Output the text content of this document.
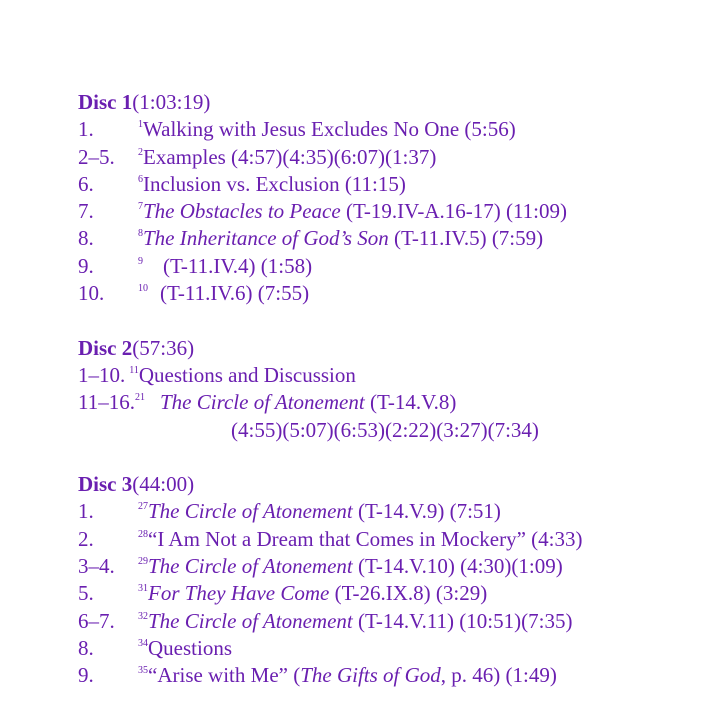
Disc 1(1:03:19)
1.	1Walking with Jesus Excludes No One (5:56)
2–5. 2Examples (4:57)(4:35)(6:07)(1:37)
6.	6Inclusion vs. Exclusion (11:15)
7.	7The Obstacles to Peace (T-19.IV-A.16-17) (11:09)
8.	8The Inheritance of God’s Son (T-11.IV.5) (7:59)
9.	9 (T-11.IV.4) (1:58)
10.	10 (T-11.IV.6) (7:55)
Disc 2(57:36)
1–10. 11Questions and Discussion
11–16.21 The Circle of Atonement (T-14.V.8)
(4:55)(5:07)(6:53)(2:22)(3:27)(7:34)
Disc 3(44:00)
1.	27The Circle of Atonement (T-14.V.9) (7:51)
2.	28“I Am Not a Dream that Comes in Mockery” (4:33)
3–4. 29The Circle of Atonement (T-14.V.10) (4:30)(1:09)
5.	31For They Have Come (T-26.IX.8) (3:29)
6–7. 32The Circle of Atonement (T-14.V.11) (10:51)(7:35)
8.	34Questions
9.	35“Arise with Me” (The Gifts of God, p. 46) (1:49)
